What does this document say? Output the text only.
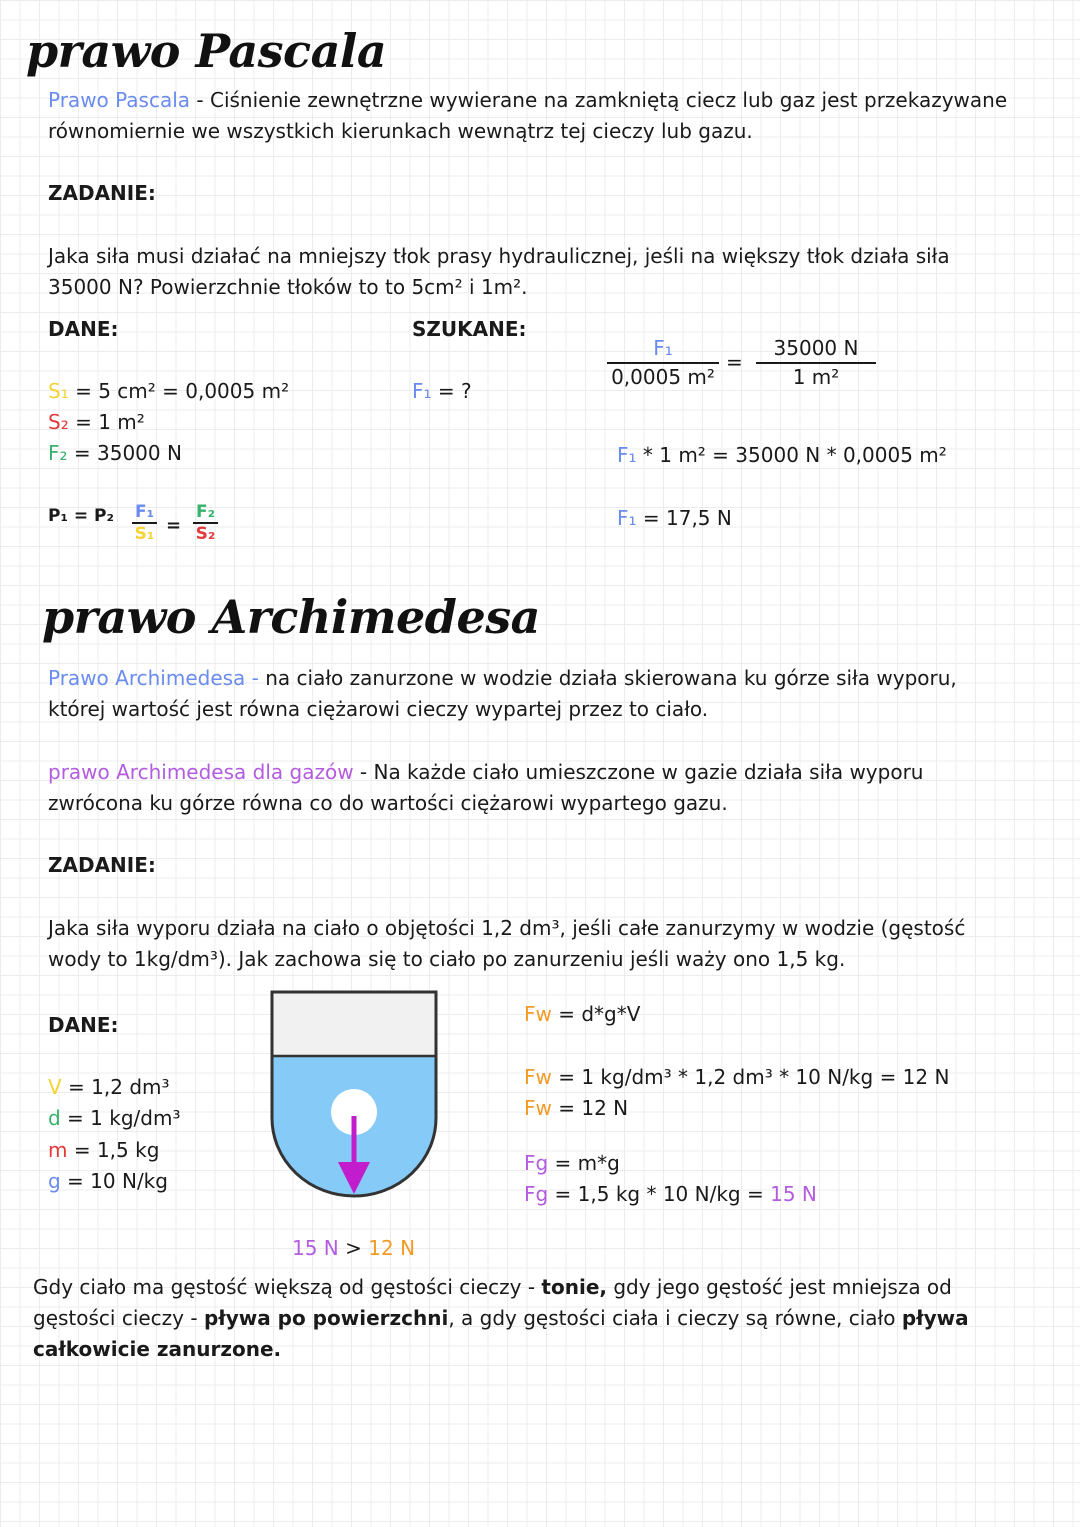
prawo Pascala
Prawo Pascala - Ciśnienie zewnętrzne wywierane na zamkniętą ciecz lub gaz jest przekazywane
równomiernie we wszystkich kierunkach wewnątrz tej cieczy lub gazu.
ZADANIE:
Jaka siła musi działać na mniejszy tłok prasy hydraulicznej, jeśli na większy tłok działa siła
35000 N? Powierzchnie tłoków to to 5cm² i 1m².
DANE:	SZUKANE:
S₁ = 5 cm² = 0,0005 m²
S₂ = 1 m²
F₂ = 35000 N
F₁ = ?
$P_1 = P_2 \frac{\text{F₁}}{\text{S₁}} = \frac{\text{F₂}}{\text{S₂}}$
$\frac{\text{F₁}}{\text{0,0005 m²}} = \frac{35000 N}{\text{1 m²}}$
F₁ * 1 m² = 35000 N * 0,0005 m²
F₁ = 17,5 N
prawo Archimedesa
Prawo Archimedesa - na ciało zanurzone w wodzie działa skierowana ku górze siła wyporu,
której wartość jest równa ciężarowi cieczy wypartej przez to ciało.
prawo Archimedesa dla gazów - Na każde ciało umieszczone w gazie działa siła wyporu
zwrócona ku górze równa co do wartości ciężarowi wypartego gazu.
ZADANIE:
Jaka siła wyporu działa na ciało o objętości 1,2 dm³, jeśli całe zanurzymy w wodzie (gęstość
wody to 1kg/dm³). Jak zachowa się to ciało po zanurzeniu jeśli waży ono 1,5 kg.
DANE:
V = 1,2 dm³
d = 1 kg/dm³
m = 1,5 kg
g = 10 N/kg
Fw = d*g*V
Fw = 1 kg/dm³ * 1,2 dm³ * 10 N/kg = 12 N
Fw = 12 N
Fg = m*g
Fg = 1,5 kg * 10 N/kg = 15 N
15 N > 12 N
Gdy ciało ma gęstość większą od gęstości cieczy - tonie, gdy jego gęstość jest mniejsza od
gęstości cieczy - pływa po powierzchni, a gdy gęstości ciała i cieczy są równe, ciało pływa
całkowicie zanurzone.
